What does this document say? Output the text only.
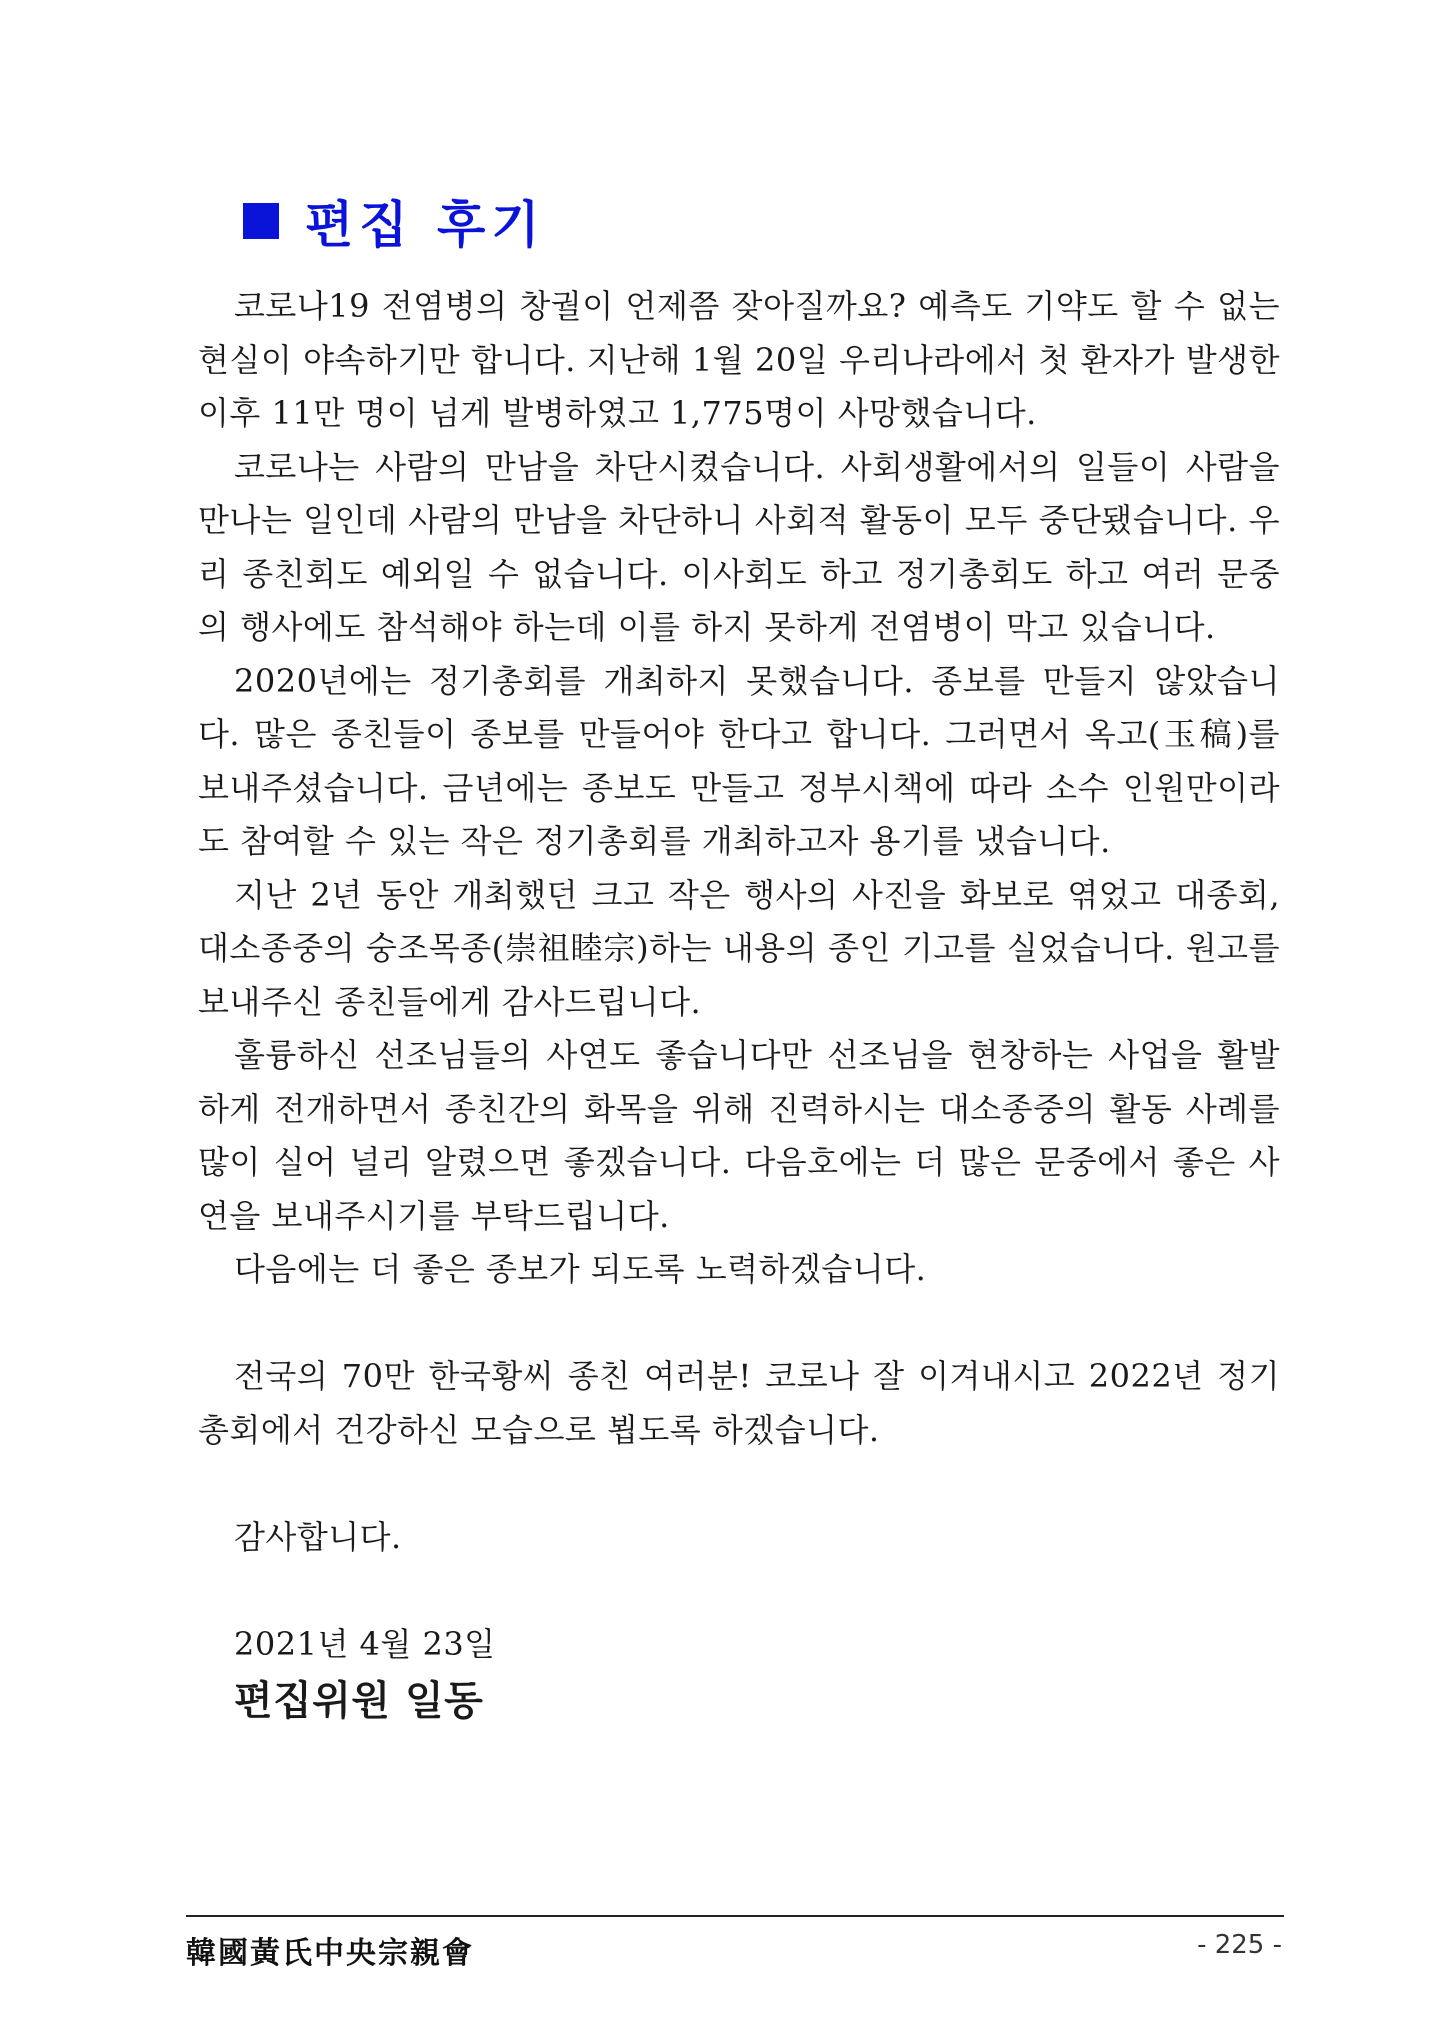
편집 후기

코로나19 전염병의 창궐이 언제쯤 잦아질까요? 예측도 기약도 할 수 없는 현실이 야속하기만 합니다. 지난해 1월 20일 우리나라에서 첫 환자가 발생한 이후 11만 명이 넘게 발병하였고 1,775명이 사망했습니다.

코로나는 사람의 만남을 차단시켰습니다. 사회생활에서의 일들이 사람을 만나는 일인데 사람의 만남을 차단하니 사회적 활동이 모두 중단됐습니다. 우리 종친회도 예외일 수 없습니다. 이사회도 하고 정기총회도 하고 여러 문중의 행사에도 참석해야 하는데 이를 하지 못하게 전염병이 막고 있습니다.

2020년에는 정기총회를 개최하지 못했습니다. 종보를 만들지 않았습니다. 많은 종친들이 종보를 만들어야 한다고 합니다. 그러면서 옥고(玉稿)를 보내주셨습니다. 금년에는 종보도 만들고 정부시책에 따라 소수 인원만이라도 참여할 수 있는 작은 정기총회를 개최하고자 용기를 냈습니다.

지난 2년 동안 개최했던 크고 작은 행사의 사진을 화보로 엮었고 대종회, 대소종중의 숭조목종(崇祖睦宗)하는 내용의 종인 기고를 실었습니다. 원고를 보내주신 종친들에게 감사드립니다.

훌륭하신 선조님들의 사연도 좋습니다만 선조님을 현창하는 사업을 활발하게 전개하면서 종친간의 화목을 위해 진력하시는 대소종중의 활동 사례를 많이 실어 널리 알렸으면 좋겠습니다. 다음호에는 더 많은 문중에서 좋은 사연을 보내주시기를 부탁드립니다.

다음에는 더 좋은 종보가 되도록 노력하겠습니다.

전국의 70만 한국황씨 종친 여러분! 코로나 잘 이겨내시고 2022년 정기총회에서 건강하신 모습으로 뵙도록 하겠습니다.

감사합니다.

2021년 4월 23일

편집위원 일동

韓國黃氏中央宗親會	- 225 -
